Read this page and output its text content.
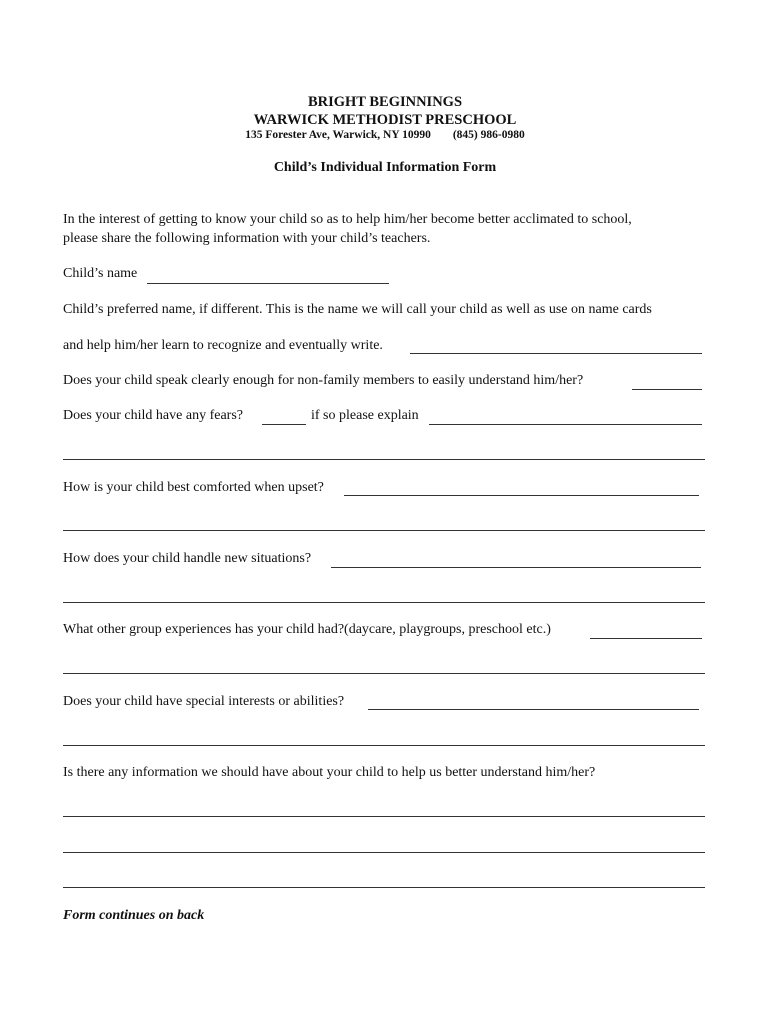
BRIGHT BEGINNINGS
WARWICK METHODIST PRESCHOOL
135 Forester Ave, Warwick, NY 10990 (845) 986-0980
Child’s Individual Information Form
In the interest of getting to know your child so as to help him/her become better acclimated to school,
please share the following information with your child’s teachers.
Child’s name
Child’s preferred name, if different. This is the name we will call your child as well as use on name cards
and help him/her learn to recognize and eventually write.
Does your child speak clearly enough for non-family members to easily understand him/her?
Does your child have any fears?	if so please explain
How is your child best comforted when upset?
How does your child handle new situations?
What other group experiences has your child had?(daycare, playgroups, preschool etc.)
Does your child have special interests or abilities?
Is there any information we should have about your child to help us better understand him/her?
Form continues on back
